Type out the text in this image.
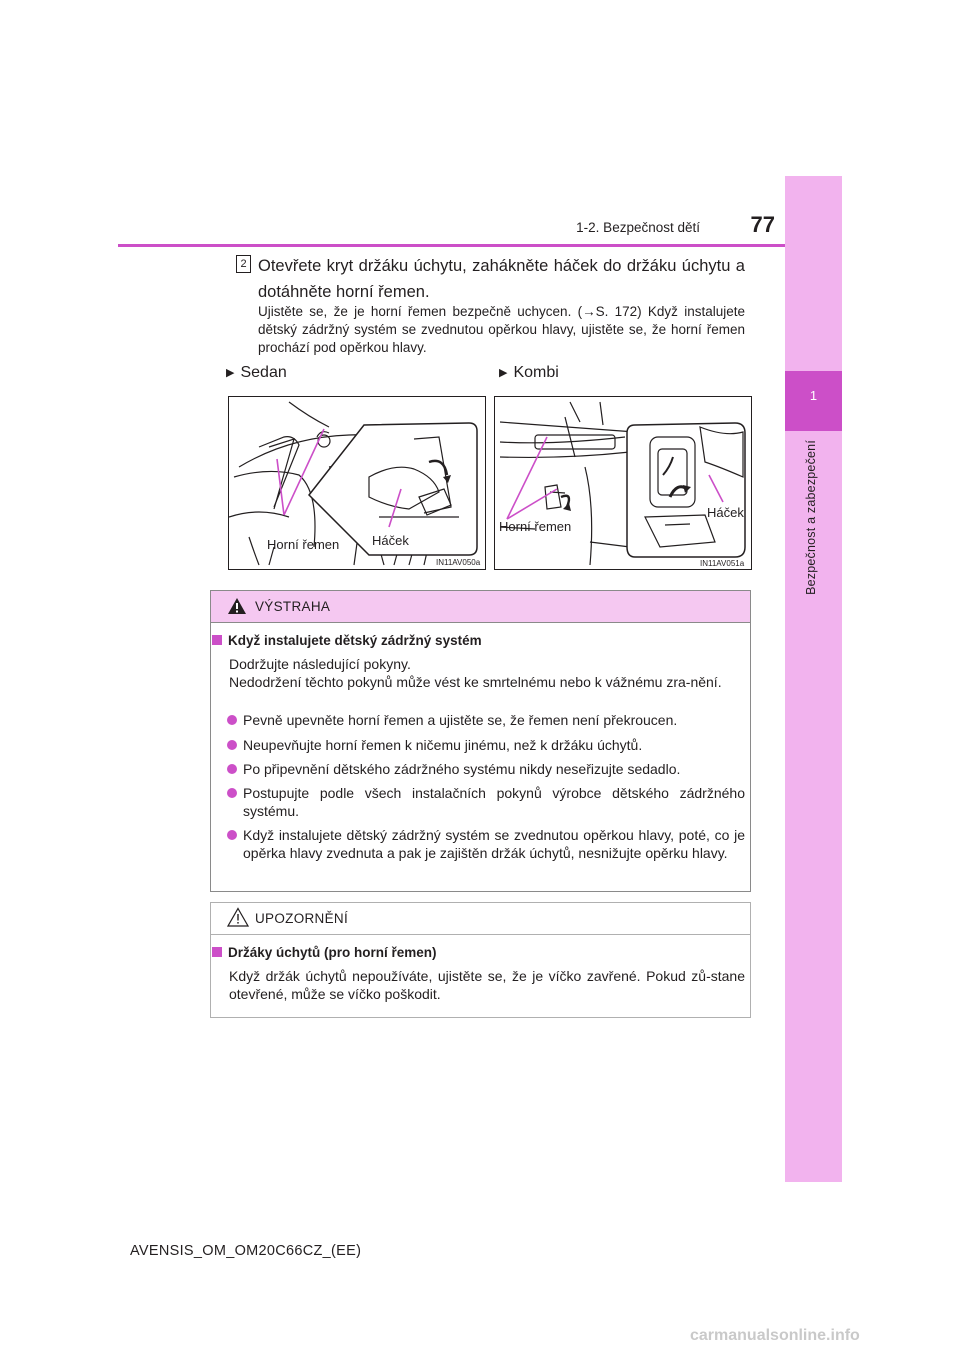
1
Bezpečnost a zabezpečení
1-2. Bezpečnost dětí	77
2 Otevřete kryt držáku úchytu, zahákněte háček do držáku úchytu a dotáhněte horní řemen.
Ujistěte se, že je horní řemen bezpečně uchycen. (→S. 172) Když instalujete dětský zádržný systém se zvednutou opěrkou hlavy, ujistěte se, že horní řemen prochází pod opěrkou hlavy.
▶ Sedan	▶ Kombi
Horní řemen	Háček
IN11AV050a
Horní řemen
Háček
IN11AV051a
VÝSTRAHA
Když instalujete dětský zádržný systém
Dodržujte následující pokyny.
Nedodržení těchto pokynů může vést ke smrtelnému nebo k vážnému zra-nění.
Pevně upevněte horní řemen a ujistěte se, že řemen není překroucen.
Neupevňujte horní řemen k ničemu jinému, než k držáku úchytů.
Po připevnění dětského zádržného systému nikdy neseřizujte sedadlo.
Postupujte podle všech instalačních pokynů výrobce dětského zádržného systému.
Když instalujete dětský zádržný systém se zvednutou opěrkou hlavy, poté, co je opěrka hlavy zvednuta a pak je zajištěn držák úchytů, nesnižujte opěrku hlavy.
UPOZORNĚNÍ
Držáky úchytů (pro horní řemen)
Když držák úchytů nepoužíváte, ujistěte se, že je víčko zavřené. Pokud zů-stane otevřené, může se víčko poškodit.
AVENSIS_OM_OM20C66CZ_(EE)
carmanualsonline.info
